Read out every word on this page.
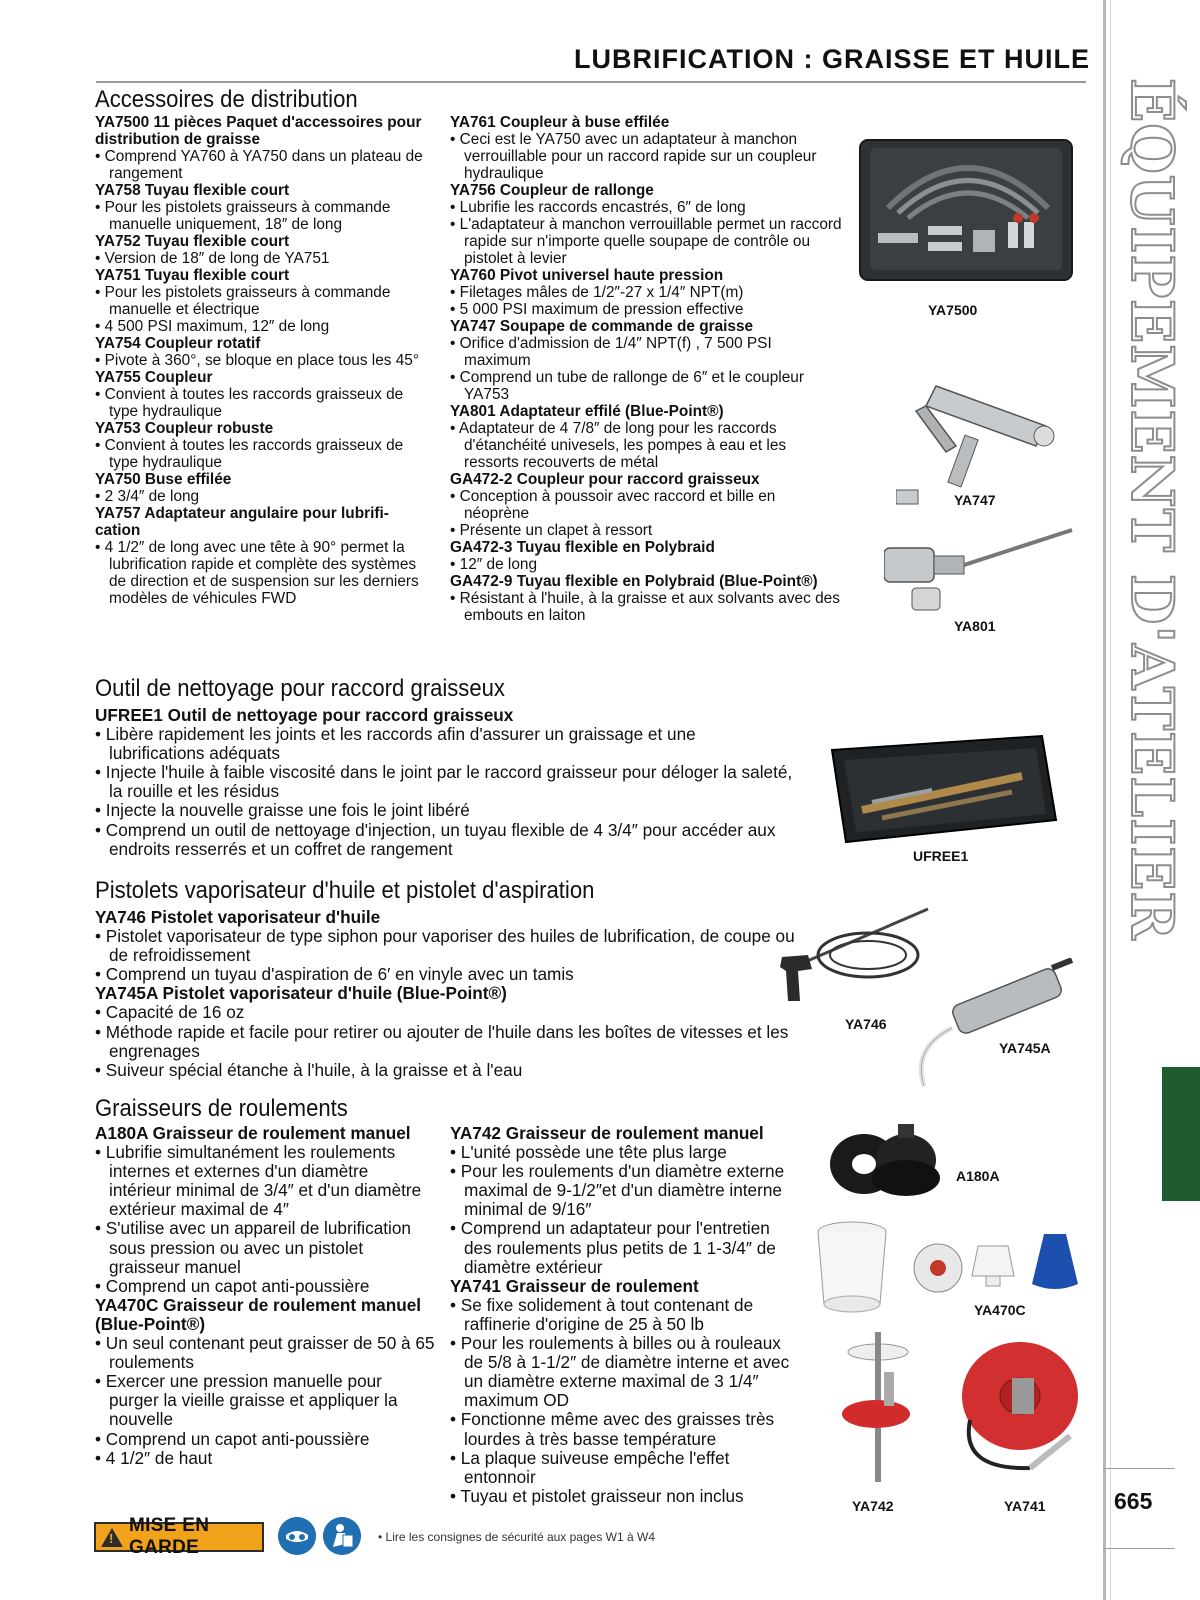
LUBRIFICATION : GRAISSE ET HUILE
ÉQUIPEMENT D'ATELIER
665
Accessoires de distribution
YA7500 11 pièces Paquet d'accessoires pour distribution de graisse
• Comprend YA760 à YA750 dans un plateau de rangement
YA758 Tuyau flexible court
• Pour les pistolets graisseurs à commande manuelle uniquement, 18″ de long
YA752 Tuyau flexible court
• Version de 18″ de long de YA751
YA751 Tuyau flexible court
• Pour les pistolets graisseurs à commande manuelle et électrique
• 4 500 PSI maximum, 12″ de long
YA754 Coupleur rotatif
• Pivote à 360°, se bloque en place tous les 45°
YA755 Coupleur
• Convient à toutes les raccords graisseux de type hydraulique
YA753 Coupleur robuste
• Convient à toutes les raccords graisseux de type hydraulique
YA750 Buse effilée
• 2 3/4″ de long
YA757 Adaptateur angulaire pour lubrifi-cation
• 4 1/2″ de long avec une tête à 90° permet la lubrification rapide et complète des systèmes de direction et de suspension sur les derniers modèles de véhicules FWD
YA761 Coupleur à buse effilée
• Ceci est le YA750 avec un adaptateur à manchon verrouillable pour un raccord rapide sur un coupleur hydraulique
YA756 Coupleur de rallonge
• Lubrifie les raccords encastrés, 6″ de long
• L'adaptateur à manchon verrouillable permet un raccord rapide sur n'importe quelle soupape de contrôle ou pistolet à levier
YA760 Pivot universel haute pression
• Filetages mâles de 1/2″-27 x 1/4″ NPT(m)
• 5 000 PSI maximum de pression effective
YA747 Soupape de commande de graisse
• Orifice d'admission de 1/4″ NPT(f) , 7 500 PSI maximum
• Comprend un tube de rallonge de 6″ et le coupleur YA753
YA801 Adaptateur effilé (Blue-Point®)
• Adaptateur de 4 7/8″ de long pour les raccords d'étanchéité univesels, les pompes à eau et les ressorts recouverts de métal
GA472-2 Coupleur pour raccord graisseux
• Conception à poussoir avec raccord et bille en néoprène
• Présente un clapet à ressort
GA472-3 Tuyau flexible en Polybraid
• 12″ de long
GA472-9 Tuyau flexible en Polybraid (Blue-Point®)
• Résistant à l'huile, à la graisse et aux solvants avec des embouts en laiton
YA7500
YA747
YA801
Outil de nettoyage pour raccord graisseux
UFREE1 Outil de nettoyage pour raccord graisseux
• Libère rapidement les joints et les raccords afin d'assurer un graissage et une lubrifications adéquats
• Injecte l'huile à faible viscosité dans le joint par le raccord graisseur pour déloger la saleté, la rouille et les résidus
• Injecte la nouvelle graisse une fois le joint libéré
• Comprend un outil de nettoyage d'injection, un tuyau flexible de 4 3/4″ pour accéder aux endroits resserrés et un coffret de rangement	UFREE1
Pistolets vaporisateur d'huile et pistolet d'aspiration
YA746 Pistolet vaporisateur d'huile
• Pistolet vaporisateur de type siphon pour vaporiser des huiles de lubrification, de coupe ou de refroidissement
• Comprend un tuyau d'aspiration de 6′ en vinyle avec un tamis
YA745A Pistolet vaporisateur d'huile (Blue-Point®)
• Capacité de 16 oz
• Méthode rapide et facile pour retirer ou ajouter de l'huile dans les boîtes de vitesses et les engrenages
• Suiveur spécial étanche à l'huile, à la graisse et à l'eau
YA746
YA745A
Graisseurs de roulements
A180A Graisseur de roulement manuel
• Lubrifie simultanément les roulements internes et externes d'un diamètre intérieur minimal de 3/4″ et d'un diamètre extérieur maximal de 4″
• S'utilise avec un appareil de lubrification sous pression ou avec un pistolet graisseur manuel
• Comprend un capot anti-poussière
YA470C Graisseur de roulement manuel (Blue-Point®)
• Un seul contenant peut graisser de 50 à 65 roulements
• Exercer une pression manuelle pour purger la vieille graisse et appliquer la nouvelle
• Comprend un capot anti-poussière
• 4 1/2″ de haut
YA742 Graisseur de roulement manuel
• L'unité possède une tête plus large
• Pour les roulements d'un diamètre externe maximal de 9-1/2″et d'un diamètre interne minimal de 9/16″
• Comprend un adaptateur pour l'entretien des roulements plus petits de 1 1-3/4″ de diamètre extérieur
YA741 Graisseur de roulement
• Se fixe solidement à tout contenant de raffinerie d'origine de 25 à 50 lb
• Pour les roulements à billes ou à rouleaux de 5/8 à 1-1/2″ de diamètre interne et avec un diamètre externe maximal de 3 1/4″ maximum OD
• Fonctionne même avec des graisses très lourdes à très basse température
• La plaque suiveuse empêche l'effet entonnoir
• Tuyau et pistolet graisseur non inclus
A180A
YA470C
YA742	YA741
!
MISE EN GARDE	• Lire les consignes de sécurité aux pages W1 à W4
